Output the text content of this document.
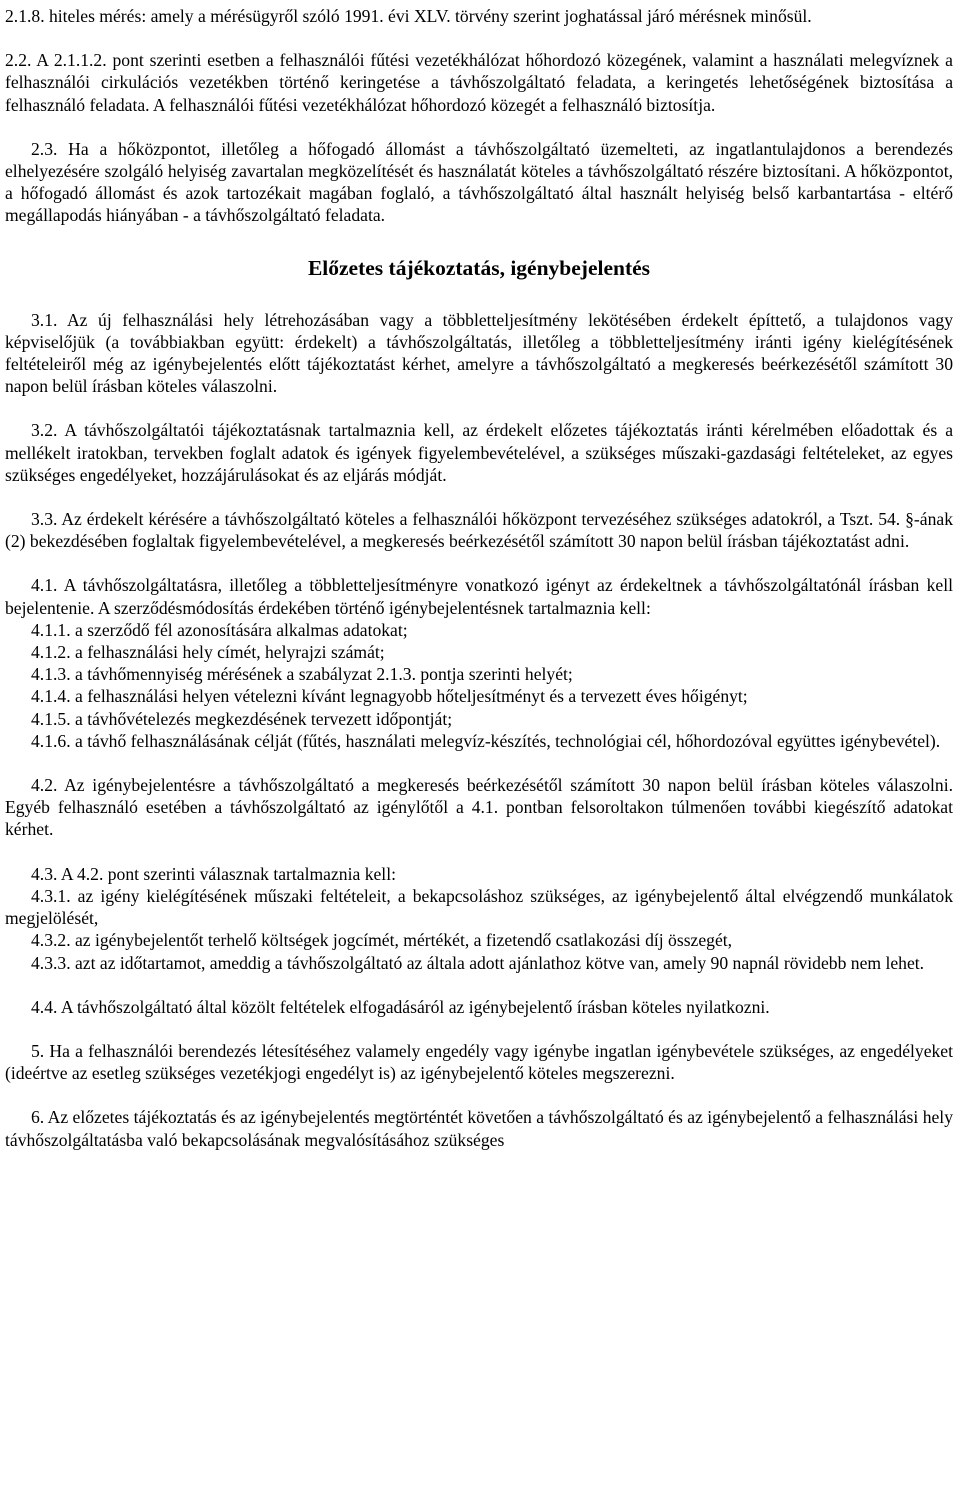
2.1.8. hiteles mérés: amely a mérésügyről szóló 1991. évi XLV. törvény szerint joghatással járó mérésnek minősül.

2.2. A 2.1.1.2. pont szerinti esetben a felhasználói fűtési vezetékhálózat hőhordozó közegének, valamint a használati melegvíznek a felhasználói cirkulációs vezetékben történő keringetése a távhőszolgáltató feladata, a keringetés lehetőségének biztosítása a felhasználó feladata. A felhasználói fűtési vezetékhálózat hőhordozó közegét a felhasználó biztosítja.

2.3. Ha a hőközpontot, illetőleg a hőfogadó állomást a távhőszolgáltató üzemelteti, az ingatlantulajdonos a berendezés elhelyezésére szolgáló helyiség zavartalan megközelítését és használatát köteles a távhőszolgáltató részére biztosítani. A hőközpontot, a hőfogadó állomást és azok tartozékait magában foglaló, a távhőszolgáltató által használt helyiség belső karbantartása - eltérő megállapodás hiányában - a távhőszolgáltató feladata.

Előzetes tájékoztatás, igénybejelentés

3.1. Az új felhasználási hely létrehozásában vagy a többletteljesítmény lekötésében érdekelt építtető, a tulajdonos vagy képviselőjük (a továbbiakban együtt: érdekelt) a távhőszolgáltatás, illetőleg a többletteljesítmény iránti igény kielégítésének feltételeiről még az igénybejelentés előtt tájékoztatást kérhet, amelyre a távhőszolgáltató a megkeresés beérkezésétől számított 30 napon belül írásban köteles válaszolni.

3.2. A távhőszolgáltatói tájékoztatásnak tartalmaznia kell, az érdekelt előzetes tájékoztatás iránti kérelmében előadottak és a mellékelt iratokban, tervekben foglalt adatok és igények figyelembevételével, a szükséges műszaki-gazdasági feltételeket, az egyes szükséges engedélyeket, hozzájárulásokat és az eljárás módját.

3.3. Az érdekelt kérésére a távhőszolgáltató köteles a felhasználói hőközpont tervezéséhez szükséges adatokról, a Tszt. 54. §-ának (2) bekezdésében foglaltak figyelembevételével, a megkeresés beérkezésétől számított 30 napon belül írásban tájékoztatást adni.

4.1. A távhőszolgáltatásra, illetőleg a többletteljesítményre vonatkozó igényt az érdekeltnek a távhőszolgáltatónál írásban kell bejelentenie. A szerződésmódosítás érdekében történő igénybejelentésnek tartalmaznia kell:

4.1.1. a szerződő fél azonosítására alkalmas adatokat;

4.1.2. a felhasználási hely címét, helyrajzi számát;

4.1.3. a távhőmennyiség mérésének a szabályzat 2.1.3. pontja szerinti helyét;

4.1.4. a felhasználási helyen vételezni kívánt legnagyobb hőteljesítményt és a tervezett éves hőigényt;

4.1.5. a távhővételezés megkezdésének tervezett időpontját;

4.1.6. a távhő felhasználásának célját (fűtés, használati melegvíz-készítés, technológiai cél, hőhordozóval együttes igénybevétel).

4.2. Az igénybejelentésre a távhőszolgáltató a megkeresés beérkezésétől számított 30 napon belül írásban köteles válaszolni. Egyéb felhasználó esetében a távhőszolgáltató az igénylőtől a 4.1. pontban felsoroltakon túlmenően további kiegészítő adatokat kérhet.

4.3. A 4.2. pont szerinti válasznak tartalmaznia kell:

4.3.1. az igény kielégítésének műszaki feltételeit, a bekapcsoláshoz szükséges, az igénybejelentő által elvégzendő munkálatok megjelölését,

4.3.2. az igénybejelentőt terhelő költségek jogcímét, mértékét, a fizetendő csatlakozási díj összegét,

4.3.3. azt az időtartamot, ameddig a távhőszolgáltató az általa adott ajánlathoz kötve van, amely 90 napnál rövidebb nem lehet.

4.4. A távhőszolgáltató által közölt feltételek elfogadásáról az igénybejelentő írásban köteles nyilatkozni.

5. Ha a felhasználói berendezés létesítéséhez valamely engedély vagy igénybe ingatlan igénybevétele szükséges, az engedélyeket (ideértve az esetleg szükséges vezetékjogi engedélyt is) az igénybejelentő köteles megszerezni.

6. Az előzetes tájékoztatás és az igénybejelentés megtörténtét követően a távhőszolgáltató és az igénybejelentő a felhasználási hely távhőszolgáltatásba való bekapcsolásának megvalósításához szükséges
